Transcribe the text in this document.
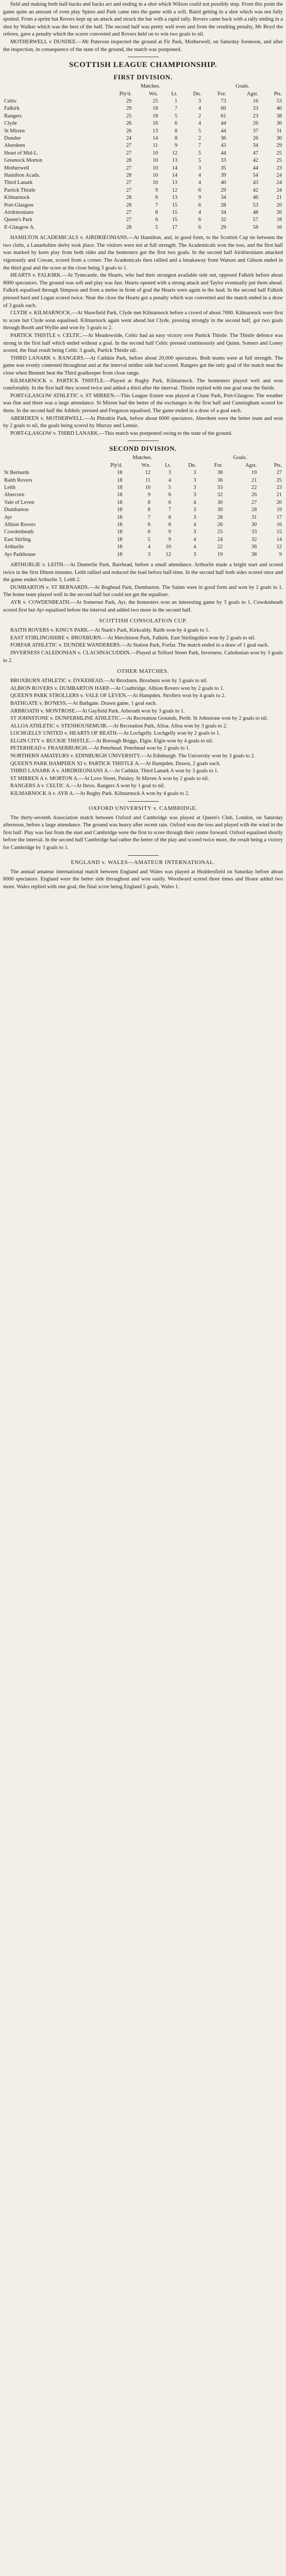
field and making both half-backs and backs act and ending in a shot which Wilson could not possibly stop. From this point the game quite an amount of even play Spiers and Park came into the game with a will. Baird getting in a shot which was not fully spotted. From a sprint but Rovers kept up an attack and struck the bar with a rapid rally. Rovers came back with a rally ending in a shot by Walker which was the best of the half. The second half was pretty well even and from the resulting penalty, Mr Boyd the referee, gave a penalty which the scorer converted and Rovers held on to win two goals to nil.

MOTHERWELL v DUNDEE.—Mr Paterson inspected the ground at Fir Park, Motherwell, on Saturday forenoon, and after the inspection, in consequence of the state of the ground, the match was postponed.

SCOTTISH LEAGUE CHAMPIONSHIP.
FIRST DIVISION.
	Matches.				Goals.		
	Ply'd.	Wn.	Lt.	Dn.	For.	Agst.	Pts.
Celtic	29	25	1	3	73	16	53
Falkirk	29	18	7	4	60	33	40
Rangers	25	18	5	2	61	23	38
Clyde	26	16	6	4	44	26	36
St Mirren	26	13	8	5	44	37	31
Dundee	24	14	8	2	36	26	30
Aberdeen	27	11	9	7	43	34	29
Heart of Mid-L.	27	10	12	5	44	47	25
Greenock Morton	28	10	13	5	33	42	25
Motherwell	27	10	14	3	35	44	23
Hamilton Acads.	28	10	14	4	39	54	24
Third Lanark	27	10	13	4	40	43	24
Partick Thistle	27	9	12	6	29	42	24
Kilmarnock	28	6	13	9	34	46	21
Port-Glasgow	28	7	15	6	28	53	20
Airdrieonians	27	8	15	4	34	48	20
Queen's Park	27	6	15	6	32	57	18
P.-Glasgow A.	28	5	17	6	29	58	16

HAMILTON ACADEMICALS v. AIRDRIEONIANS.—At Hamilton, and, in good form, to the Scottish Cup tie between the two clubs, a Lanarkshire derby took place. The visitors were not at full strength. The Academicals won the toss, and the first half was marked by keen play from both sides and the homesters got the first two goals. In the second half Airdrieonians attacked vigorously and Cowan, scored from a corner. The Academicals then rallied and a breakaway from Watson and Gibson ended in the third goal and the score at the close being 3 goals to 1.

HEARTS v. FALKIRK.—At Tynecastle, the Hearts, who had their strongest available side out, opposed Falkirk before about 8000 spectators. The ground was soft and play was fast. Hearts opened with a strong attack and Taylor eventually put them ahead. Falkirk equalised through Simpson and from a melee in front of goal the Hearts were again in the lead. In the second half Falkirk pressed hard and Logan scored twice. Near the close the Hearts got a penalty which was converted and the match ended in a draw of 3 goals each.

CLYDE v. KILMARNOCK.—At Shawfield Park, Clyde met Kilmarnock before a crowd of about 7000. Kilmarnock were first to score but Clyde soon equalised. Kilmarnock again went ahead but Clyde, pressing strongly in the second half, got two goals through Booth and Wyllie and won by 3 goals to 2.

PARTICK THISTLE v. CELTIC.—At Meadowside, Celtic had an easy victory over Partick Thistle. The Thistle defence was strong in the first half which ended without a goal. In the second half Celtic pressed continuously and Quinn, Somers and Loney scored, the final result being Celtic 3 goals, Partick Thistle nil.

THIRD LANARK v. RANGERS.—At Cathkin Park, before about 20,000 spectators. Both teams were at full strength. The game was evenly contested throughout and at the interval neither side had scored. Rangers got the only goal of the match near the close when Bennett beat the Third goalkeeper from close range.

KILMARNOCK v. PARTICK THISTLE.—Played at Rugby Park, Kilmarnock. The homesters played well and won comfortably. In the first half they scored twice and added a third after the interval. Thistle replied with one goal near the finish.

PORT-GLASGOW ATHLETIC v. ST MIRREN.—This League fixture was played at Clune Park, Port-Glasgow. The weather was fine and there was a large attendance. St Mirren had the better of the exchanges in the first half and Cunningham scored for them. In the second half the Athletic pressed and Ferguson equalised. The game ended in a draw of a goal each.

ABERDEEN v. MOTHERWELL.—At Pittodrie Park, before about 6000 spectators. Aberdeen were the better team and won by 2 goals to nil, the goals being scored by Murray and Lennie.

PORT-GLASGOW v. THIRD LANARK.—This match was postponed owing to the state of the ground.

SECOND DIVISION.
	Matches.				Goals.		
	Ply'd.	Wn.	Lt.	Dn.	For.	Agst.	Pts.
St Bernards	18	12	3	3	38	19	27
Raith Rovers	18	11	4	3	36	21	25
Leith	18	10	5	3	33	22	23
Abercorn	18	9	6	3	32	26	21
Vale of Leven	18	8	6	4	30	27	20
Dumbarton	18	8	7	3	30	28	19
Ayr	18	7	8	3	28	31	17
Albion Rovers	18	6	8	4	26	30	16
Cowdenbeath	18	6	9	3	25	33	15
East Stirling	18	5	9	4	24	32	14
Arthurlie	18	4	10	4	22	36	12
Ayr Parkhouse	18	3	12	3	19	38	9

ARTHURLIE v. LEITH.—At Dunterlie Park, Barrhead, before a small attendance. Arthurlie made a bright start and scored twice in the first fifteen minutes. Leith rallied and reduced the lead before half-time. In the second half both sides scored once and the game ended Arthurlie 3, Leith 2.

DUMBARTON v. ST BERNARDS.—At Boghead Park, Dumbarton. The Saints were in good form and won by 2 goals to 1. The home team played well in the second half but could not get the equaliser.

AYR v. COWDENBEATH.—At Somerset Park, Ayr, the homesters won an interesting game by 3 goals to 1. Cowdenbeath scored first but Ayr equalised before the interval and added two more in the second half.

SCOTTISH CONSOLATION CUP.

RAITH ROVERS v. KING'S PARK.—At Stark's Park, Kirkcaldy. Raith won by 4 goals to 1.

EAST STIRLINGSHIRE v. BROXBURN.—At Merchiston Park, Falkirk. East Stirlingshire won by 2 goals to nil.

FORFAR ATHLETIC v. DUNDEE WANDERERS.—At Station Park, Forfar. The match ended in a draw of 1 goal each.

INVERNESS CALEDONIAN v. CLACHNACUDDIN.—Played at Telford Street Park, Inverness. Caledonian won by 3 goals to 2.

OTHER MATCHES.

BROXBURN ATHLETIC v. DYKEHEAD.—At Broxburn. Broxburn won by 3 goals to nil.

ALBION ROVERS v. DUMBARTON HARP.—At Coatbridge. Albion Rovers won by 2 goals to 1.

QUEEN'S PARK STROLLERS v. VALE OF LEVEN.—At Hampden. Strollers won by 4 goals to 2.

BATHGATE v. BO'NESS.—At Bathgate. Drawn game, 1 goal each.

ARBROATH v. MONTROSE.—At Gayfield Park. Arbroath won by 3 goals to 1.

ST JOHNSTONE v. DUNFERMLINE ATHLETIC.—At Recreation Grounds, Perth. St Johnstone won by 2 goals to nil.

ALLOA ATHLETIC v. STENHOUSEMUIR.—At Recreation Park, Alloa. Alloa won by 3 goals to 2.

LOCHGELLY UNITED v. HEARTS OF BEATH.—At Lochgelly. Lochgelly won by 2 goals to 1.

ELGIN CITY v. BUCKIE THISTLE.—At Borough Briggs, Elgin. Elgin won by 4 goals to nil.

PETERHEAD v. FRASERBURGH.—At Peterhead. Peterhead won by 2 goals to 1.

NORTHERN AMATEURS v. EDINBURGH UNIVERSITY.—At Edinburgh. The University won by 3 goals to 2.

QUEEN'S PARK HAMPDEN XI v. PARTICK THISTLE A.—At Hampden. Drawn, 2 goals each.

THIRD LANARK A v. AIRDRIEONIANS A.—At Cathkin. Third Lanark A won by 3 goals to 1.

ST MIRREN A v. MORTON A.—At Love Street, Paisley. St Mirren A won by 2 goals to nil.

RANGERS A v. CELTIC A.—At Ibrox. Rangers A won by 1 goal to nil.

KILMARNOCK A v. AYR A.—At Rugby Park. Kilmarnock A won by 4 goals to 2.

OXFORD UNIVERSITY v. CAMBRIDGE.

The thirty-seventh Association match between Oxford and Cambridge was played at Queen's Club, London, on Saturday afternoon, before a large attendance. The ground was heavy after recent rain. Oxford won the toss and played with the wind in the first half. Play was fast from the start and Cambridge were the first to score through their centre forward. Oxford equalised shortly before the interval. In the second half Cambridge had rather the better of the play and scored twice more, the result being a victory for Cambridge by 3 goals to 1.

ENGLAND v. WALES—AMATEUR INTERNATIONAL.

The annual amateur international match between England and Wales was played at Huddersfield on Saturday before about 8000 spectators. England were the better side throughout and won easily. Woodward scored three times and Hoare added two more. Wales replied with one goal, the final score being England 5 goals, Wales 1.
